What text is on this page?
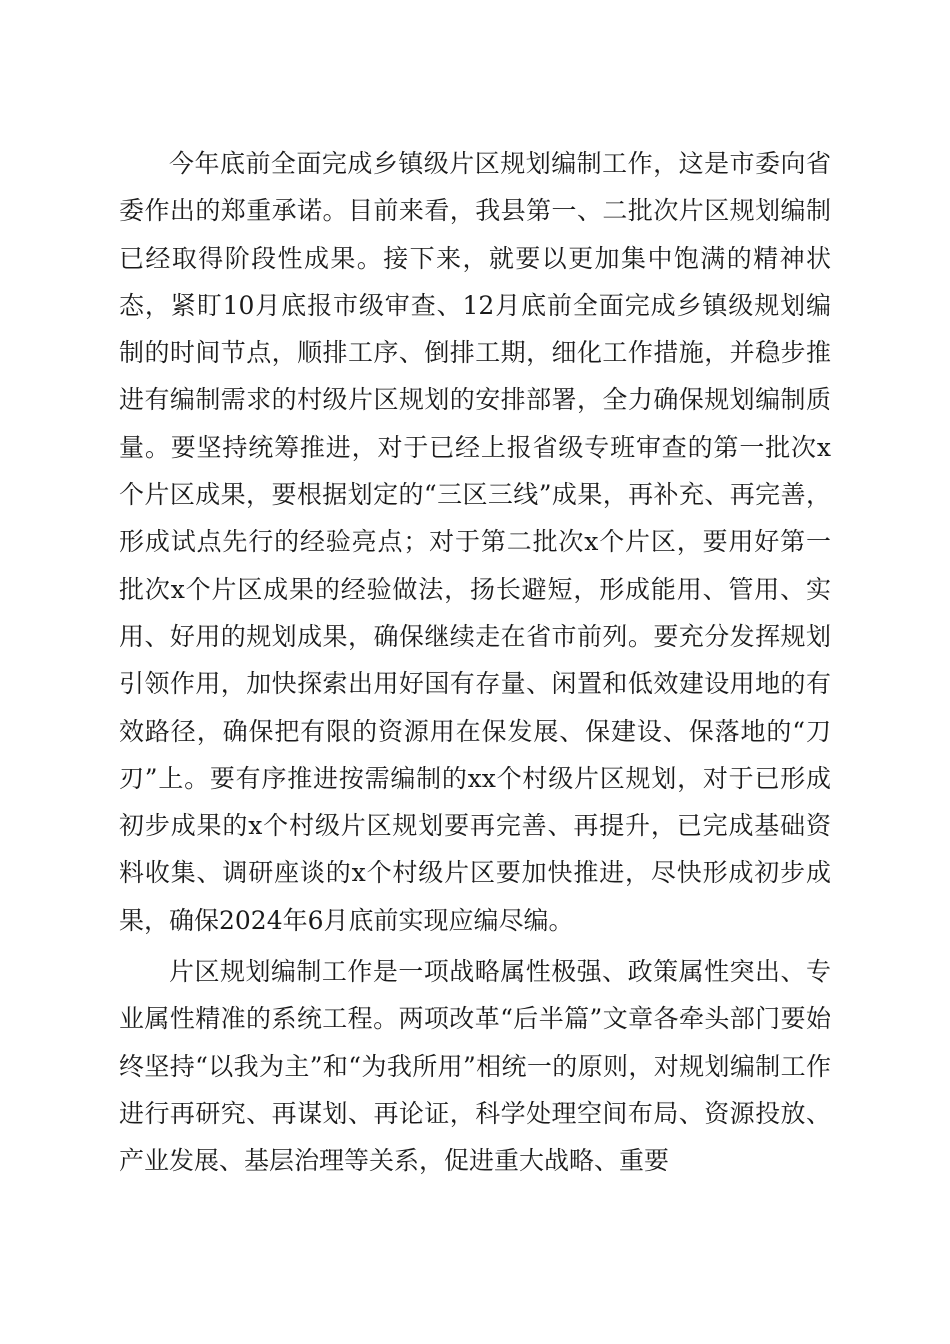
今年底前全面完成乡镇级片区规划编制工作，这是市委向省委作出的郑重承诺。目前来看，我县第一、二批次片区规划编制已经取得阶段性成果。接下来，就要以更加集中饱满的精神状态，紧盯10月底报市级审查、12月底前全面完成乡镇级规划编制的时间节点，顺排工序、倒排工期，细化工作措施，并稳步推进有编制需求的村级片区规划的安排部署，全力确保规划编制质量。要坚持统筹推进，对于已经上报省级专班审查的第一批次x个片区成果，要根据划定的“三区三线”成果，再补充、再完善，形成试点先行的经验亮点；对于第二批次x个片区，要用好第一批次x个片区成果的经验做法，扬长避短，形成能用、管用、实用、好用的规划成果，确保继续走在省市前列。要充分发挥规划引领作用，加快探索出用好国有存量、闲置和低效建设用地的有效路径，确保把有限的资源用在保发展、保建设、保落地的“刀刃”上。要有序推进按需编制的xx个村级片区规划，对于已形成初步成果的x个村级片区规划要再完善、再提升，已完成基础资料收集、调研座谈的x个村级片区要加快推进，尽快形成初步成果，确保2024年6月底前实现应编尽编。

片区规划编制工作是一项战略属性极强、政策属性突出、专业属性精准的系统工程。两项改革“后半篇”文章各牵头部门要始终坚持“以我为主”和“为我所用”相统一的原则，对规划编制工作进行再研究、再谋划、再论证，科学处理空间布局、资源投放、产业发展、基层治理等关系，促进重大战略、重要
